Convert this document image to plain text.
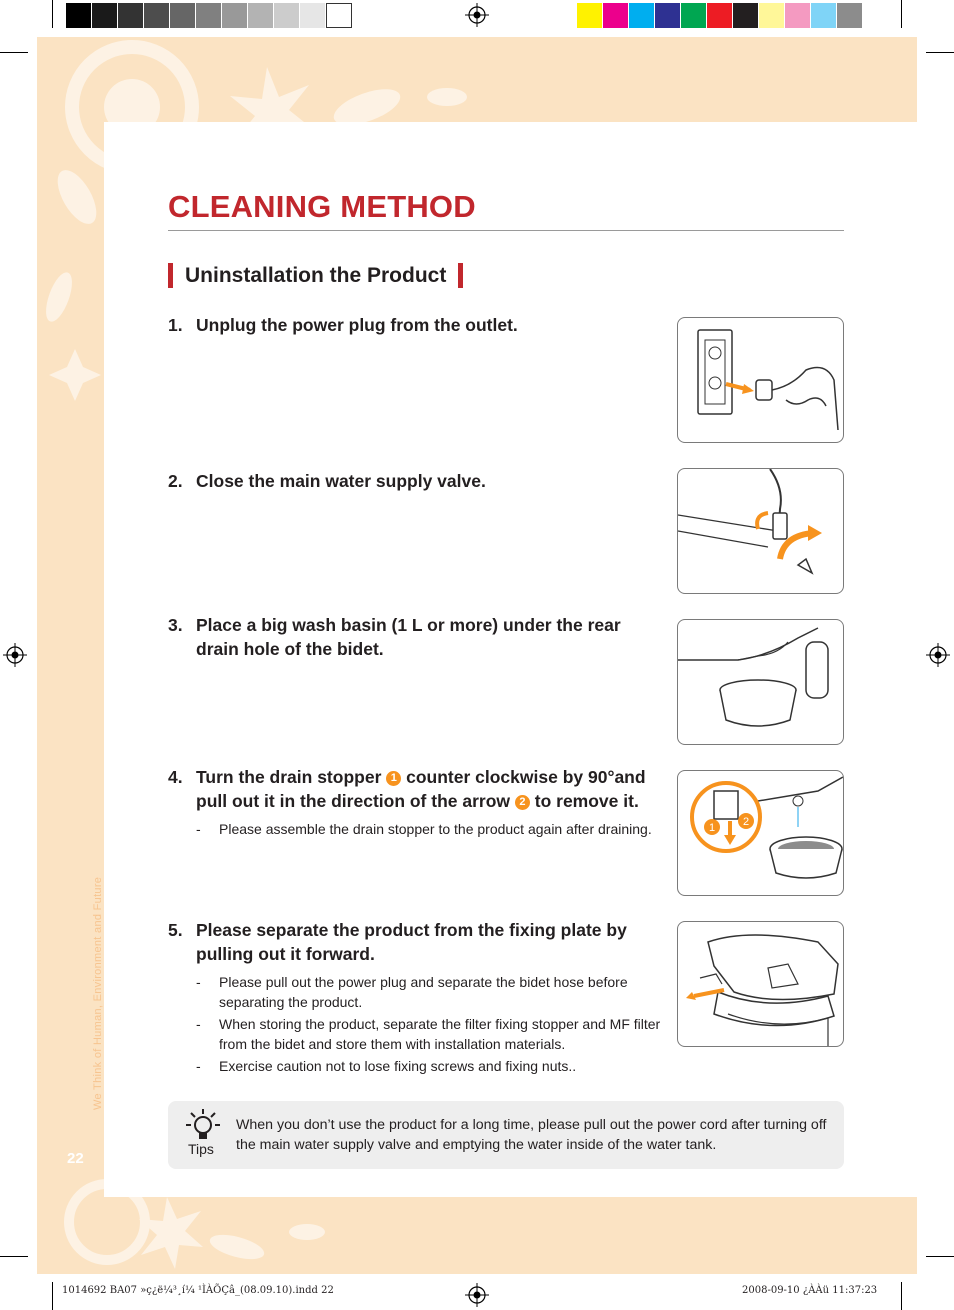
We Think of Human, Environment and Future
22
CLEANING METHOD
Uninstallation the Product
1. Unplug the power plug from the outlet.
2. Close the main water supply valve.
3. Place a big wash basin (1 L or more) under the rear drain hole of the bidet.
4. Turn the drain stopper 1 counter clockwise by 90°and pull out it in the direction of the arrow 2 to remove it.
-	Please assemble the drain stopper to the product again after draining.	1	2
5. Please separate the product from the fixing plate by pulling out it forward.
-	Please pull out the power plug and separate the bidet hose before separating the product.
-	When storing the product, separate the filter fixing stopper and MF filter from the bidet and store them with installation materials.
-	Exercise caution not to lose fixing screws and fixing nuts..
Tips
When you don’t use the product for a long time, please pull out the power cord after turning off the main water supply valve and emptying the water inside of the water tank.
1014692 BA07 »ç¿ë¼³¸í¼ ¹ÌÀÕÇâ_(08.09.10).indd 22	2008-09-10 ¿ÀÀü 11:37:23
